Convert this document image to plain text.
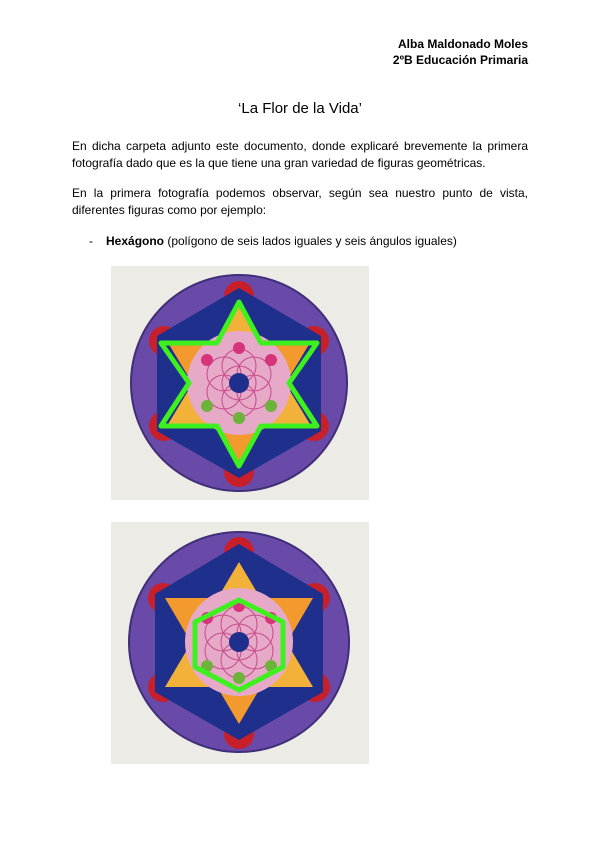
Alba Maldonado Moles
2ºB Educación Primaria
‘La Flor de la Vida’
En dicha carpeta adjunto este documento, donde explicaré brevemente la primera fotografía dado que es la que tiene una gran variedad de figuras geométricas.
En la primera fotografía podemos observar, según sea nuestro punto de vista, diferentes figuras como por ejemplo:
- Hexágono (polígono de seis lados iguales y seis ángulos iguales)
